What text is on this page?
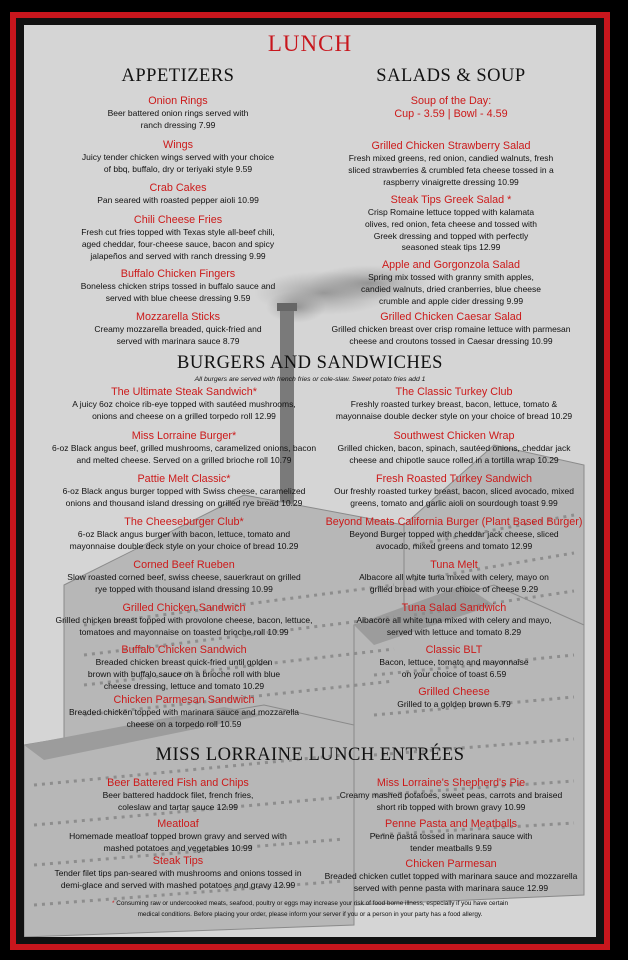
LUNCH
APPETIZERS
Onion Rings
Beer battered onion rings served with
ranch dressing 7.99
Wings
Juicy tender chicken wings served with your choice
of bbq, buffalo, dry or teriyaki style 9.59
Crab Cakes
Pan seared with roasted pepper aioli 10.99
Chili Cheese Fries
Fresh cut fries topped with Texas style all-beef chili,
aged cheddar, four-cheese sauce, bacon and spicy
jalapeños and served with ranch dressing 9.99
Buffalo Chicken Fingers
Boneless chicken strips tossed in buffalo sauce and
served with blue cheese dressing 9.59
Mozzarella Sticks
Creamy mozzarella breaded, quick-fried and
served with marinara sauce 8.79
SALADS & SOUP
Soup of the Day:
Cup - 3.59 | Bowl - 4.59
Grilled Chicken Strawberry Salad
Fresh mixed greens, red onion, candied walnuts, fresh
sliced strawberries & crumbled feta cheese tossed in a
raspberry vinaigrette dressing 10.99
Steak Tips Greek Salad *
Crisp Romaine lettuce topped with kalamata
olives, red onion, feta cheese and tossed with
Greek dressing and topped with perfectly
seasoned steak tips 12.99
Apple and Gorgonzola Salad
Spring mix tossed with granny smith apples,
candied walnuts, dried cranberries, blue cheese
crumble and apple cider dressing 9.99
Grilled Chicken Caesar Salad
Grilled chicken breast over crisp romaine lettuce with parmesan
cheese and croutons tossed in Caesar dressing 10.99
BURGERS AND SANDWICHES
All burgers are served with french fries or cole-slaw. Sweet potato fries add 1
The Ultimate Steak Sandwich*
A juicy 6oz choice rib-eye topped with sautéed mushrooms,
onions and cheese on a grilled torpedo roll 12.99
Miss Lorraine Burger*
6-oz Black angus beef, grilled mushrooms, caramelized onions, bacon
and melted cheese. Served on a grilled brioche roll 10.79
Pattie Melt Classic*
6-oz Black angus burger topped with Swiss cheese, caramelized
onions and thousand island dressing on grilled rye bread 10.29
The Cheeseburger Club*
6-oz Black angus burger with bacon, lettuce, tomato and
mayonnaise double deck style on your choice of bread 10.29
Corned Beef Rueben
Slow roasted corned beef, swiss cheese, sauerkraut on grilled
rye topped with thousand island dressing 10.99
Grilled Chicken Sandwich
Grilled chicken breast topped with provolone cheese, bacon, lettuce,
tomatoes and mayonnaise on toasted brioche roll 10.99
Buffalo Chicken Sandwich
Breaded chicken breast quick-fried until golden
brown with buffalo sauce on a brioche roll with blue
cheese dressing, lettuce and tomato 10.29
Chicken Parmesan Sandwich
Breaded chicken topped with marinara sauce and mozzarella
cheese on a torpedo roll 10.59
The Classic Turkey Club
Freshly roasted turkey breast, bacon, lettuce, tomato &
mayonnaise double decker style on your choice of bread 10.29
Southwest Chicken Wrap
Grilled chicken, bacon, spinach, sautéed onions, cheddar jack
cheese and chipotle sauce rolled in a tortilla wrap 10.29
Fresh Roasted Turkey Sandwich
Our freshly roasted turkey breast, bacon, sliced avocado, mixed
greens, tomato and garlic aioli on sourdough toast 9.99
Beyond Meats California Burger (Plant Based Burger)
Beyond Burger topped with cheddar jack cheese, sliced
avocado, mixed greens and tomato 12.99
Tuna Melt
Albacore all white tuna mixed with celery, mayo on
grilled bread with your choice of cheese 9.29
Tuna Salad Sandwich
Albacore all white tuna mixed with celery and mayo,
served with lettuce and tomato 8.29
Classic BLT
Bacon, lettuce, tomato and mayonnaise
on your choice of toast 6.59
Grilled Cheese
Grilled to a golden brown 5.79
MISS LORRAINE LUNCH ENTRÉES
Beer Battered Fish and Chips
Beer battered haddock filet, french fries,
coleslaw and tartar sauce 12.99
Meatloaf
Homemade meatloaf topped brown gravy and served with
mashed potatoes and vegetables 10.99
Steak Tips
Tender filet tips pan-seared with mushrooms and onions tossed in
demi-glace and served with mashed potatoes and gravy 12.99
Miss Lorraine's Shepherd's Pie
Creamy mashed potatoes, sweet peas, carrots and braised
short rib topped with brown gravy 10.99
Penne Pasta and Meatballs
Penne pasta tossed in marinara sauce with
tender meatballs 9.59
Chicken Parmesan
Breaded chicken cutlet topped with marinara sauce and mozzarella
served with penne pasta with marinara sauce 12.99
* Consuming raw or undercooked meats, seafood, poultry or eggs may increase your risk of food borne illness, especially if you have certain
medical conditions. Before placing your order, please inform your server if you or a person in your party has a food allergy.
